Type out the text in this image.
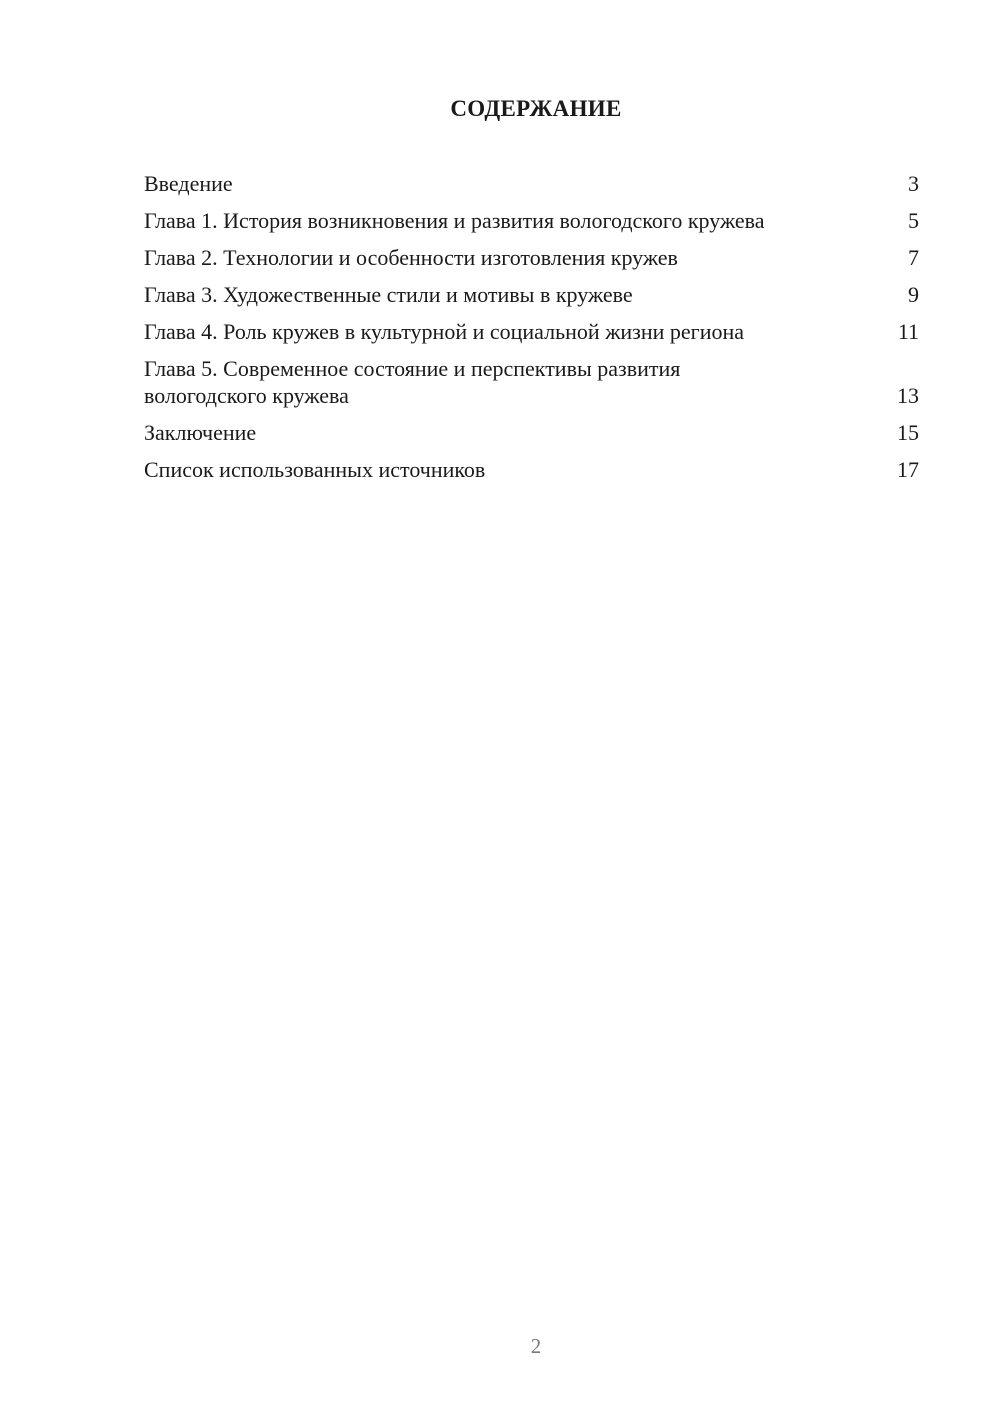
СОДЕРЖАНИЕ
Введение	3
Глава 1. История возникновения и развития вологодского кружева	5
Глава 2. Технологии и особенности изготовления кружев	7
Глава 3. Художественные стили и мотивы в кружеве	9
Глава 4. Роль кружев в культурной и социальной жизни региона	11
Глава 5. Современное состояние и перспективы развития вологодского кружева	13
Заключение	15
Список использованных источников	17
2
